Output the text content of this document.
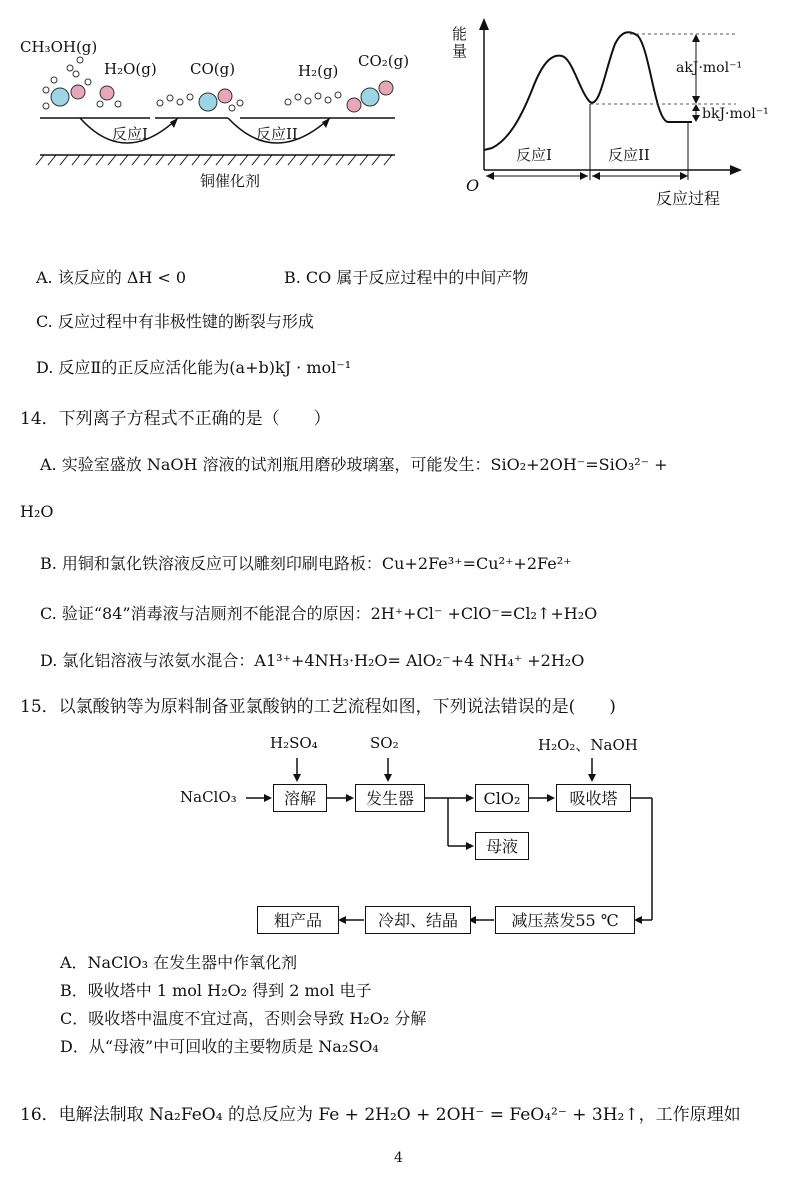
CH₃OH(g)
H₂O(g) CO(g)	H₂(g)
CO₂(g)
反应I	反应II
铜催化剂
能量
O
akJ·mol⁻¹
bkJ·mol⁻¹
反应I	反应II
反应过程
A. 该反应的 ΔH < 0	B. CO 属于反应过程中的中间产物
C. 反应过程中有非极性键的断裂与形成
D. 反应Ⅱ的正反应活化能为(a+b)kJ · mol⁻¹
14．下列离子方程式不正确的是（　　）
A. 实验室盛放 NaOH 溶液的试剂瓶用磨砂玻璃塞，可能发生：SiO₂+2OH⁻=SiO₃²⁻ +
H₂O
B. 用铜和氯化铁溶液反应可以雕刻印刷电路板：Cu+2Fe³⁺=Cu²⁺+2Fe²⁺
C. 验证“84”消毒液与洁厕剂不能混合的原因：2H⁺+Cl⁻ +ClO⁻=Cl₂↑+H₂O
D. 氯化铝溶液与浓氨水混合：A1³⁺+4NH₃·H₂O= AlO₂⁻+4 NH₄⁺ +2H₂O
15．以氯酸钠等为原料制备亚氯酸钠的工艺流程如图，下列说法错误的是(　　)
NaClO₃
H₂SO₄	SO₂	H₂O₂、NaOH
溶解	发生器	ClO₂	吸收塔
母液
减压蒸发55 ℃
冷却、结晶
粗产品
A．NaClO₃ 在发生器中作氧化剂
B．吸收塔中 1 mol H₂O₂ 得到 2 mol 电子
C．吸收塔中温度不宜过高，否则会导致 H₂O₂ 分解
D．从“母液”中可回收的主要物质是 Na₂SO₄
16．电解法制取 Na₂FeO₄ 的总反应为 Fe + 2H₂O + 2OH⁻ = FeO₄²⁻ + 3H₂↑，工作原理如
4
